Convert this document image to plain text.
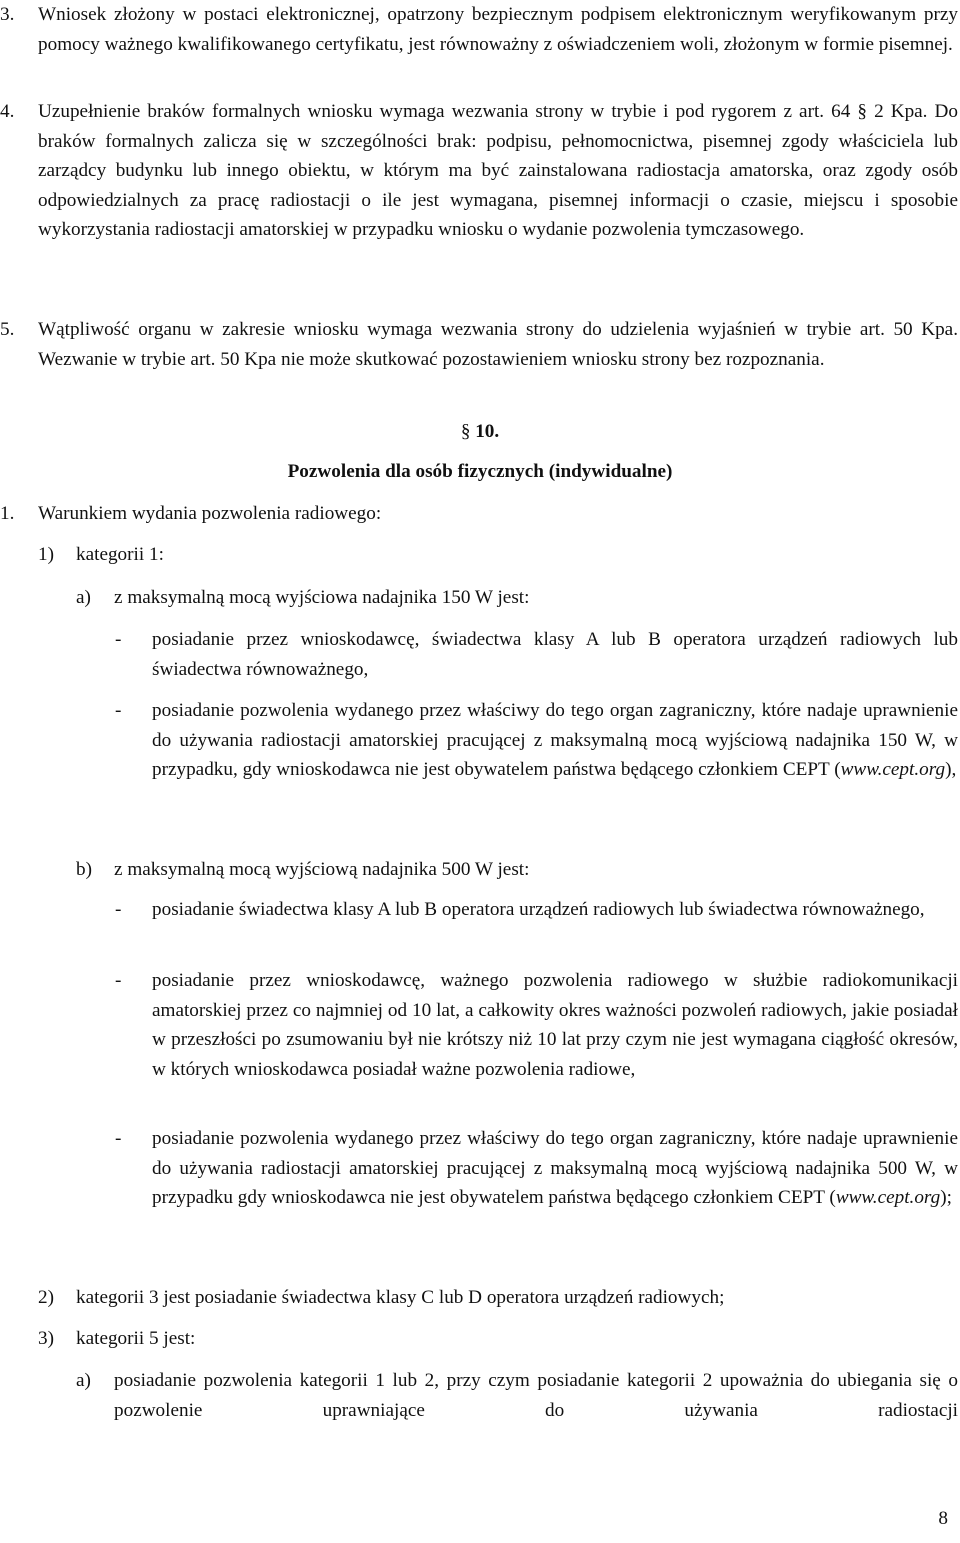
3. Wniosek złożony w postaci elektronicznej, opatrzony bezpiecznym podpisem elektronicznym weryfikowanym przy pomocy ważnego kwalifikowanego certyfikatu, jest równoważny z oświadczeniem woli, złożonym w formie pisemnej.
4. Uzupełnienie braków formalnych wniosku wymaga wezwania strony w trybie i pod rygorem z art. 64 § 2 Kpa. Do braków formalnych zalicza się w szczególności brak: podpisu, pełnomocnictwa, pisemnej zgody właściciela lub zarządcy budynku lub innego obiektu, w którym ma być zainstalowana radiostacja amatorska, oraz zgody osób odpowiedzialnych za pracę radiostacji o ile jest wymagana, pisemnej informacji o czasie, miejscu i sposobie wykorzystania radiostacji amatorskiej w przypadku wniosku o wydanie pozwolenia tymczasowego.
5. Wątpliwość organu w zakresie wniosku wymaga wezwania strony do udzielenia wyjaśnień w trybie art. 50 Kpa. Wezwanie w trybie art. 50 Kpa nie może skutkować pozostawieniem wniosku strony bez rozpoznania.
§ 10.
Pozwolenia dla osób fizycznych (indywidualne)
1. Warunkiem wydania pozwolenia radiowego:
1) kategorii 1:
a) z maksymalną mocą wyjściowa nadajnika 150 W jest:
- posiadanie przez wnioskodawcę, świadectwa klasy A lub B operatora urządzeń radiowych lub świadectwa równoważnego,
- posiadanie pozwolenia wydanego przez właściwy do tego organ zagraniczny, które nadaje uprawnienie do używania radiostacji amatorskiej pracującej z maksymalną mocą wyjściową nadajnika 150 W, w przypadku, gdy wnioskodawca nie jest obywatelem państwa będącego członkiem CEPT (www.cept.org),
b) z maksymalną mocą wyjściową nadajnika 500 W jest:
- posiadanie świadectwa klasy A lub B operatora urządzeń radiowych lub świadectwa równoważnego,
- posiadanie przez wnioskodawcę, ważnego pozwolenia radiowego w służbie radiokomunikacji amatorskiej przez co najmniej od 10 lat, a całkowity okres ważności pozwoleń radiowych, jakie posiadał w przeszłości po zsumowaniu był nie krótszy niż 10 lat przy czym nie jest wymagana ciągłość okresów, w których wnioskodawca posiadał ważne pozwolenia radiowe,
- posiadanie pozwolenia wydanego przez właściwy do tego organ zagraniczny, które nadaje uprawnienie do używania radiostacji amatorskiej pracującej z maksymalną mocą wyjściową nadajnika 500 W, w przypadku gdy wnioskodawca nie jest obywatelem państwa będącego członkiem CEPT (www.cept.org);
2) kategorii 3 jest posiadanie świadectwa klasy C lub D operatora urządzeń radiowych;
3) kategorii 5 jest:
a) posiadanie pozwolenia kategorii 1 lub 2, przy czym posiadanie kategorii 2 upoważnia do ubiegania się o pozwolenie uprawniające do używania radiostacji
8
